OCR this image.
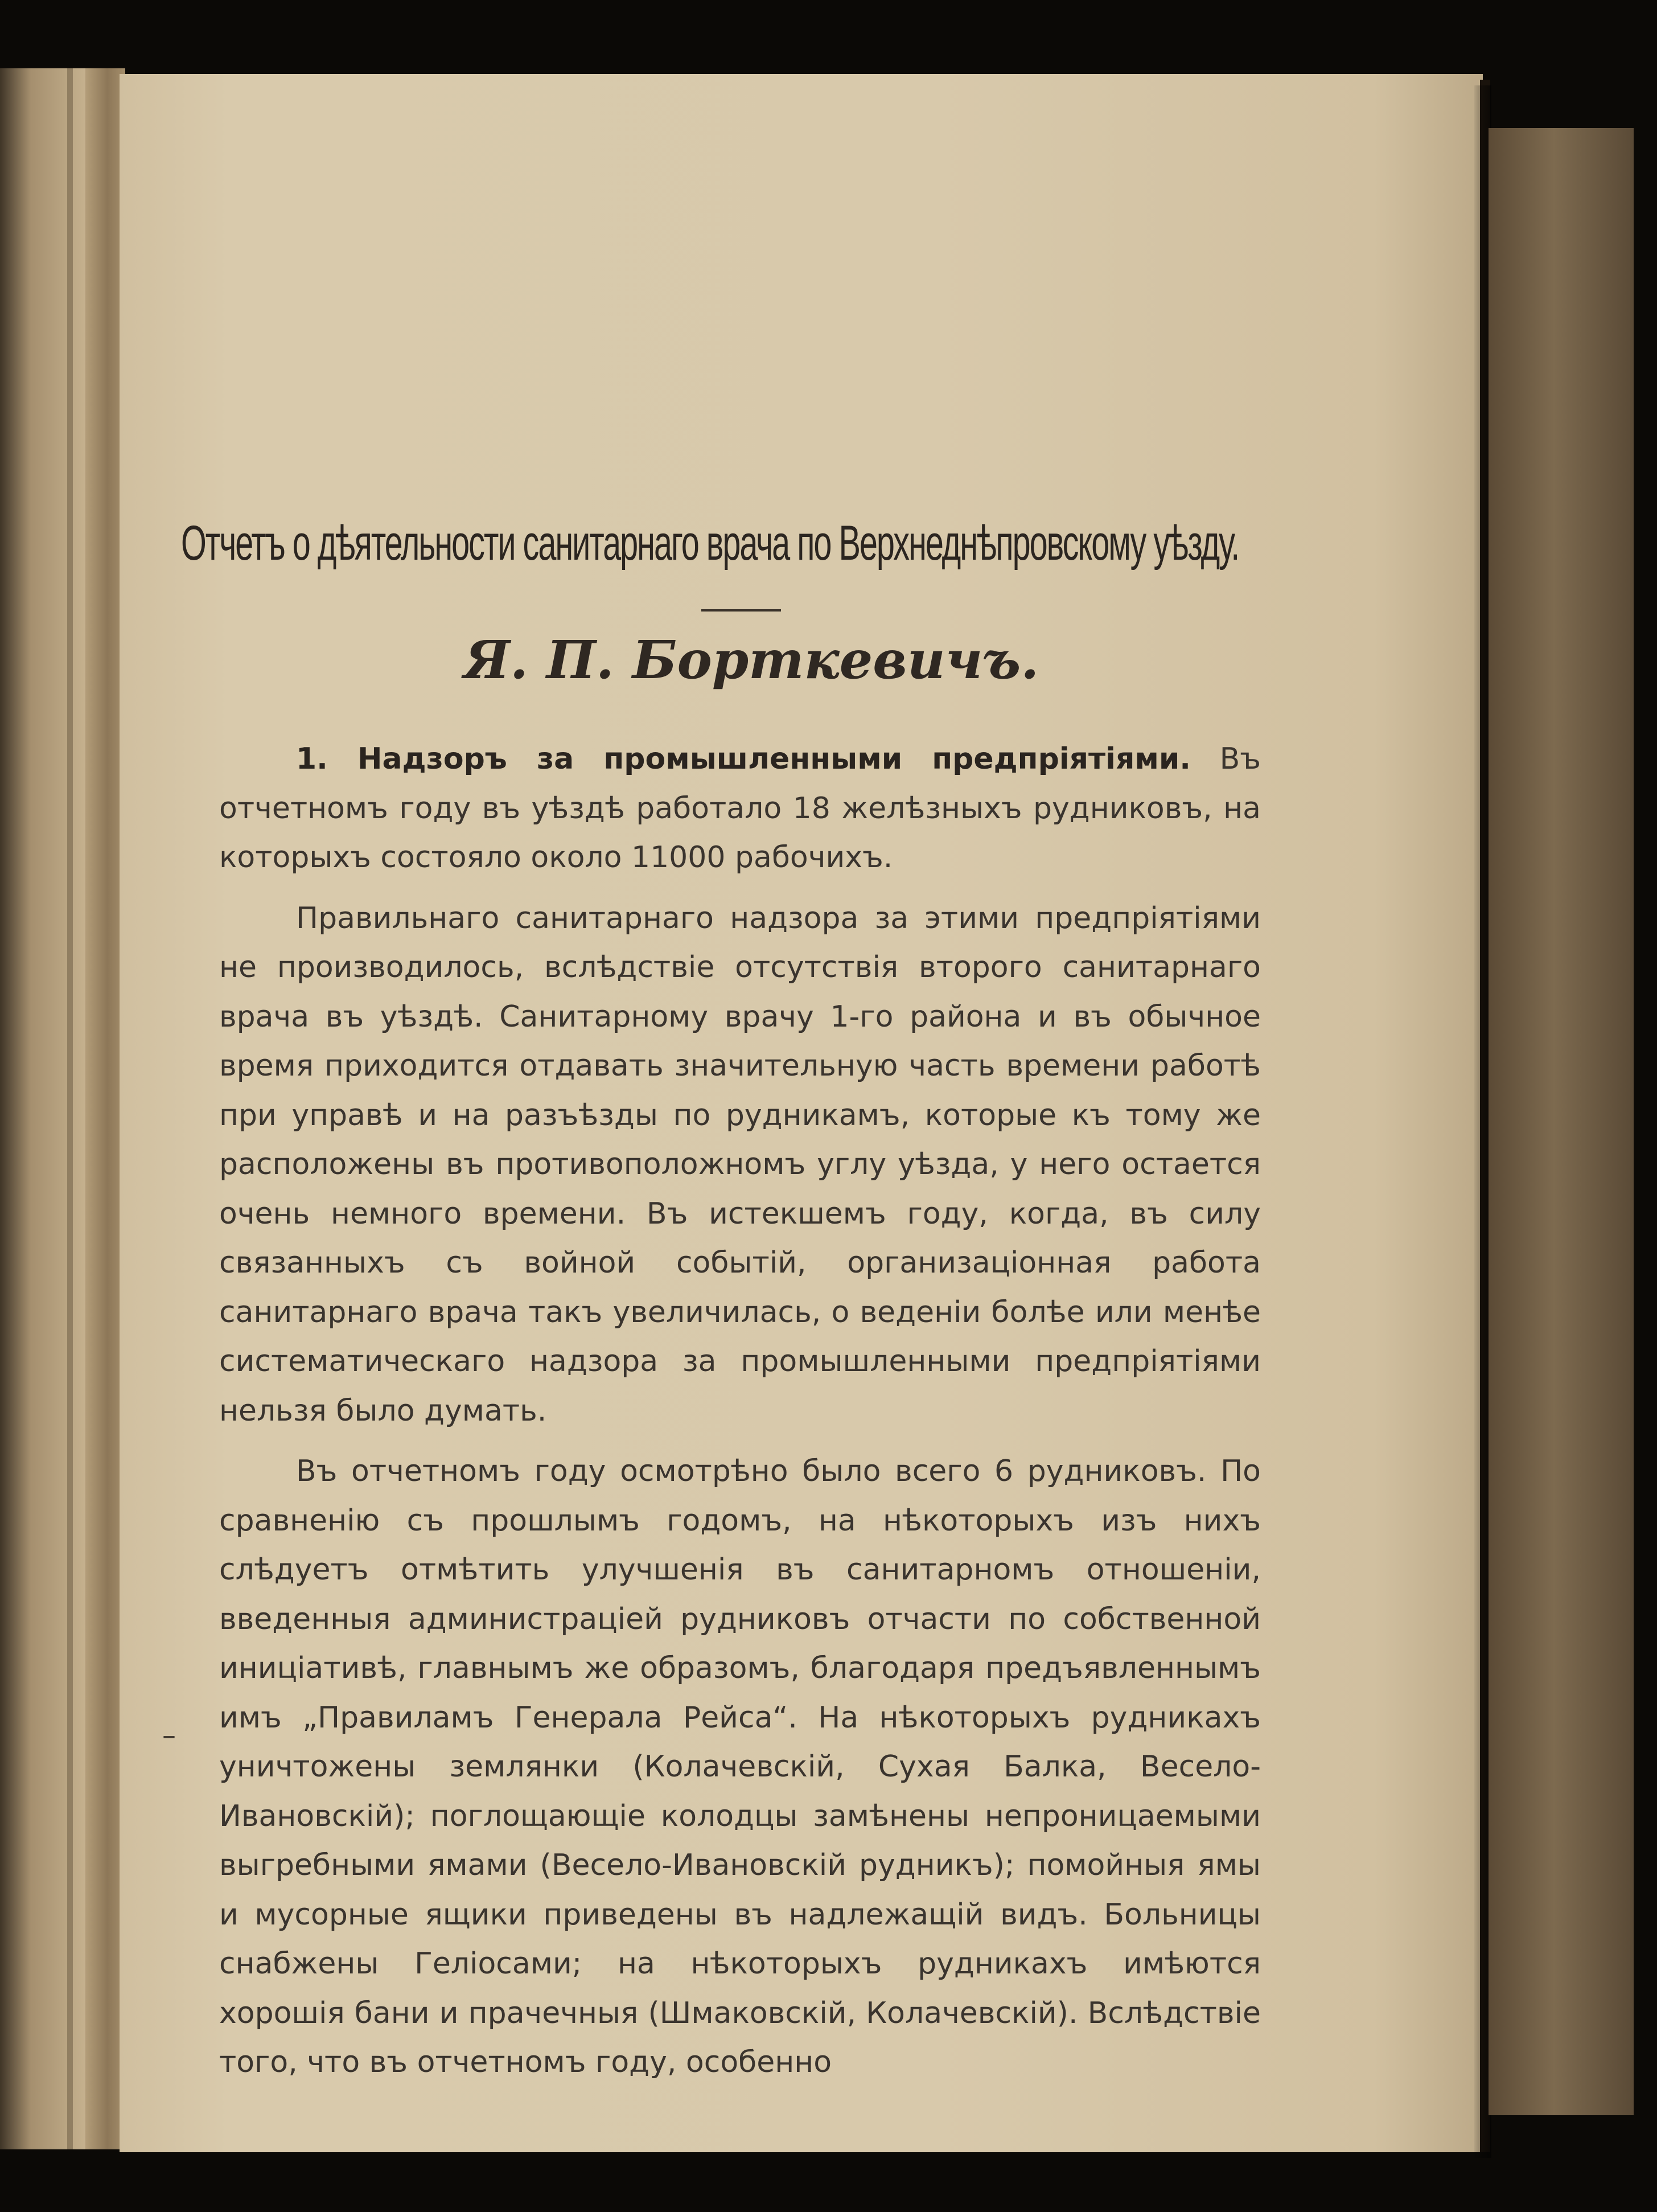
Отчетъ о дѣятельности санитарнаго врача по Верхнеднѣпровскому уѣзду.
Я. П. Борткевичъ.

1. Надзоръ за промышленными предпріятіями. Въ отчетномъ году въ уѣздѣ работало 18 желѣзныхъ рудниковъ, на которыхъ состояло около 11000 рабочихъ.

Правильнаго санитарнаго надзора за этими предпріятіями не производилось, вслѣдствіе отсутствія второго санитарнаго врача въ уѣздѣ. Санитарному врачу 1-го района и въ обычное время приходится отдавать значительную часть времени работѣ при управѣ и на разъѣзды по рудникамъ, которые къ тому же расположены въ противоположномъ углу уѣзда, у него остается очень немного времени. Въ истекшемъ году, когда, въ силу связанныхъ съ войной событій, организаціонная работа санитарнаго врача такъ увеличилась, о веденіи болѣе или менѣе систематическаго надзора за промышленными предпріятіями нельзя было думать.

Въ отчетномъ году осмотрѣно было всего 6 рудниковъ. По сравненію съ прошлымъ годомъ, на нѣкоторыхъ изъ нихъ слѣдуетъ отмѣтить улучшенія въ санитарномъ отношеніи, введенныя администраціей рудниковъ отчасти по собственной иниціативѣ, главнымъ же образомъ, благодаря предъявленнымъ имъ „Правиламъ Генерала Рейса“. На нѣкоторыхъ рудникахъ уничтожены землянки (Колачевскій, Сухая Балка, Весело-Ивановскій); поглощающіе колодцы замѣнены непроницаемыми выгребными ямами (Весело-Ивановскій рудникъ); помойныя ямы и мусорные ящики приведены въ надлежащій видъ. Больницы снабжены Геліосами; на нѣкоторыхъ рудникахъ имѣются хорошія бани и прачечныя (Шмаковскій, Колачевскій). Вслѣдствіе того, что въ отчетномъ году, особенно

–
